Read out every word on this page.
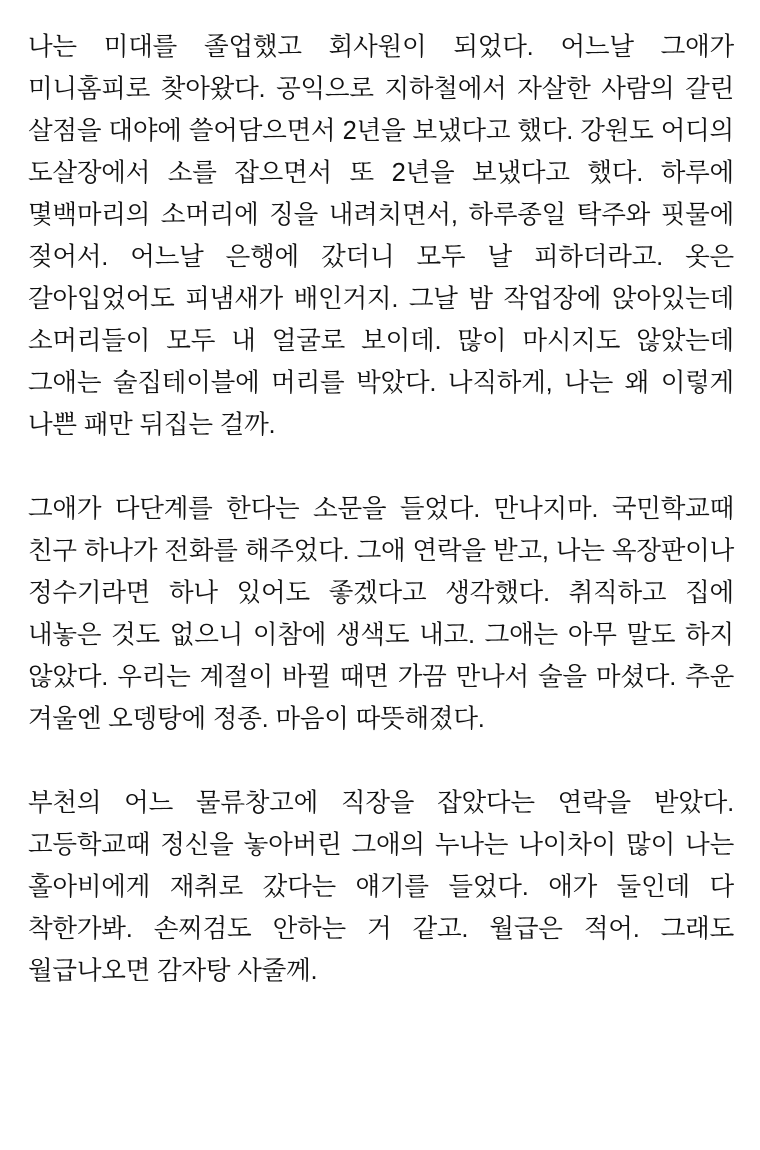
나는 미대를 졸업했고 회사원이 되었다. 어느날 그애가 미니홈피로 찾아왔다. 공익으로 지하철에서 자살한 사람의 갈린 살점을 대야에 쓸어담으면서 2년을 보냈다고 했다. 강원도 어디의 도살장에서 소를 잡으면서 또 2년을 보냈다고 했다. 하루에 몇백마리의 소머리에 징을 내려치면서, 하루종일 탁주와 핏물에 젖어서. 어느날 은행에 갔더니 모두 날 피하더라고. 옷은 갈아입었어도 피냄새가 배인거지. 그날 밤 작업장에 앉아있는데 소머리들이 모두 내 얼굴로 보이데. 많이 마시지도 않았는데 그애는 술집테이블에 머리를 박았다. 나직하게, 나는 왜 이렇게 나쁜 패만 뒤집는 걸까.

그애가 다단계를 한다는 소문을 들었다. 만나지마. 국민학교때 친구 하나가 전화를 해주었다. 그애 연락을 받고, 나는 옥장판이나 정수기라면 하나 있어도 좋겠다고 생각했다. 취직하고 집에 내놓은 것도 없으니 이참에 생색도 내고. 그애는 아무 말도 하지 않았다. 우리는 계절이 바뀔 때면 가끔 만나서 술을 마셨다. 추운 겨울엔 오뎅탕에 정종. 마음이 따뜻해졌다.

부천의 어느 물류창고에 직장을 잡았다는 연락을 받았다. 고등학교때 정신을 놓아버린 그애의 누나는 나이차이 많이 나는 홀아비에게 재취로 갔다는 얘기를 들었다. 애가 둘인데 다 착한가봐. 손찌검도 안하는 거 같고. 월급은 적어. 그래도 월급나오면 감자탕 사줄께.
